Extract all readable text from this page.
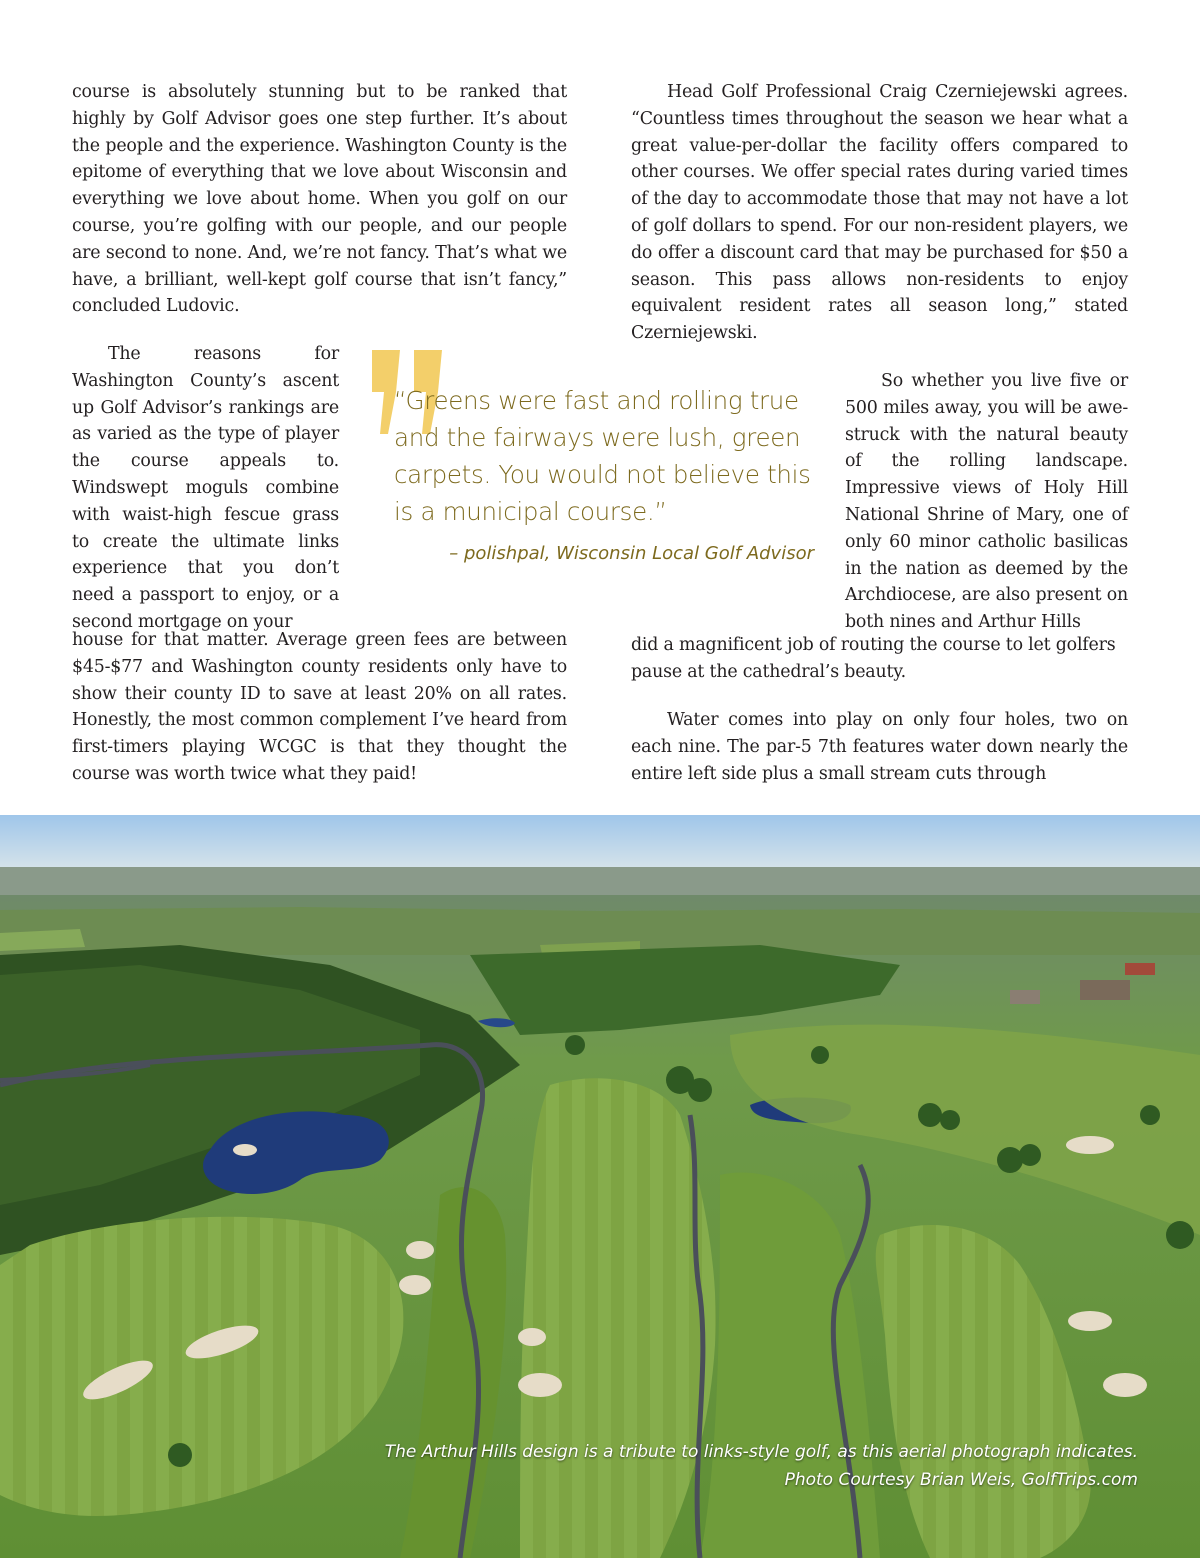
course is absolutely stunning but to be ranked that highly by Golf Advisor goes one step further. It’s about the people and the experience. Washington County is the epitome of everything that we love about Wisconsin and everything we love about home. When you golf on our course, you’re golfing with our people, and our people are second to none. And, we’re not fancy. That’s what we have, a brilliant, well-kept golf course that isn’t fancy,” concluded Ludovic.

The reasons for Washington County’s ascent up Golf Advisor’s rankings are as varied as the type of player the course appeals to. Windswept moguls combine with waist-high fescue grass to create the ultimate links experience that you don’t need a passport to enjoy, or a second mortgage on your

house for that matter. Average green fees are between $45-$77 and Washington county residents only have to show their county ID to save at least 20% on all rates. Honestly, the most common complement I’ve heard from first-timers playing WCGC is that they thought the course was worth twice what they paid!

Head Golf Professional Craig Czerniejewski agrees. “Countless times throughout the season we hear what a great value-per-dollar the facility offers compared to other courses. We offer special rates during varied times of the day to accommodate those that may not have a lot of golf dollars to spend. For our non-resident players, we do offer a discount card that may be purchased for $50 a season. This pass allows non-residents to enjoy equivalent resident rates all season long,” stated Czerniejewski.

So whether you live five or 500 miles away, you will be awe-struck with the natural beauty of the rolling landscape. Impressive views of Holy Hill National Shrine of Mary, one of only 60 minor catholic basilicas in the nation as deemed by the Archdiocese, are also present on both nines and Arthur Hills

did a magnificent job of routing the course to let golfers pause at the cathedral’s beauty.

Water comes into play on only four holes, two on each nine. The par-5 7th features water down nearly the entire left side plus a small stream cuts through

“Greens were fast and rolling true and the fairways were lush, green carpets. You would not believe this is a municipal course.”

– polishpal, Wisconsin Local Golf Advisor

The Arthur Hills design is a tribute to links-style golf, as this aerial photograph indicates.

Photo Courtesy Brian Weis, GolfTrips.com
